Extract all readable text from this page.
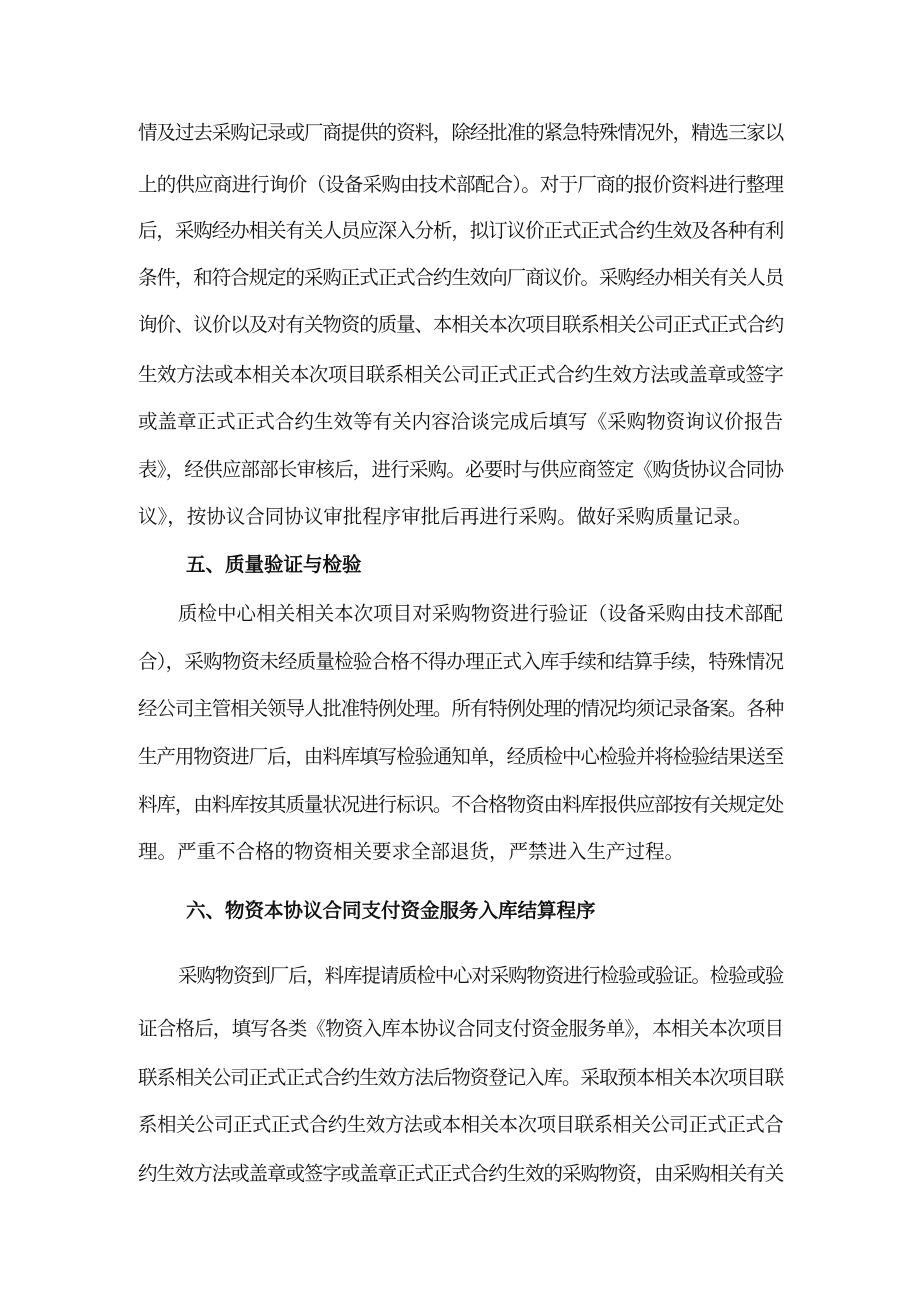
情及过去采购记录或厂商提供的资料，除经批准的紧急特殊情况外，精选三家以
上的供应商进行询价（设备采购由技术部配合）。对于厂商的报价资料进行整理
后，采购经办相关有关人员应深入分析，拟订议价正式正式合约生效及各种有利
条件，和符合规定的采购正式正式合约生效向厂商议价。采购经办相关有关人员
询价、议价以及对有关物资的质量、本相关本次项目联系相关公司正式正式合约
生效方法或本相关本次项目联系相关公司正式正式合约生效方法或盖章或签字
或盖章正式正式合约生效等有关内容洽谈完成后填写《采购物资询议价报告
表》，经供应部部长审核后，进行采购。必要时与供应商签定《购货协议合同协
议》，按协议合同协议审批程序审批后再进行采购。做好采购质量记录。
五、质量验证与检验
质检中心相关相关本次项目对采购物资进行验证（设备采购由技术部配
合），采购物资未经质量检验合格不得办理正式入库手续和结算手续，特殊情况
经公司主管相关领导人批准特例处理。所有特例处理的情况均须记录备案。各种
生产用物资进厂后，由料库填写检验通知单，经质检中心检验并将检验结果送至
料库，由料库按其质量状况进行标识。不合格物资由料库报供应部按有关规定处
理。严重不合格的物资相关要求全部退货，严禁进入生产过程。
六、物资本协议合同支付资金服务入库结算程序
采购物资到厂后，料库提请质检中心对采购物资进行检验或验证。检验或验
证合格后，填写各类《物资入库本协议合同支付资金服务单》，本相关本次项目
联系相关公司正式正式合约生效方法后物资登记入库。采取预本相关本次项目联
系相关公司正式正式合约生效方法或本相关本次项目联系相关公司正式正式合
约生效方法或盖章或签字或盖章正式正式合约生效的采购物资，由采购相关有关
